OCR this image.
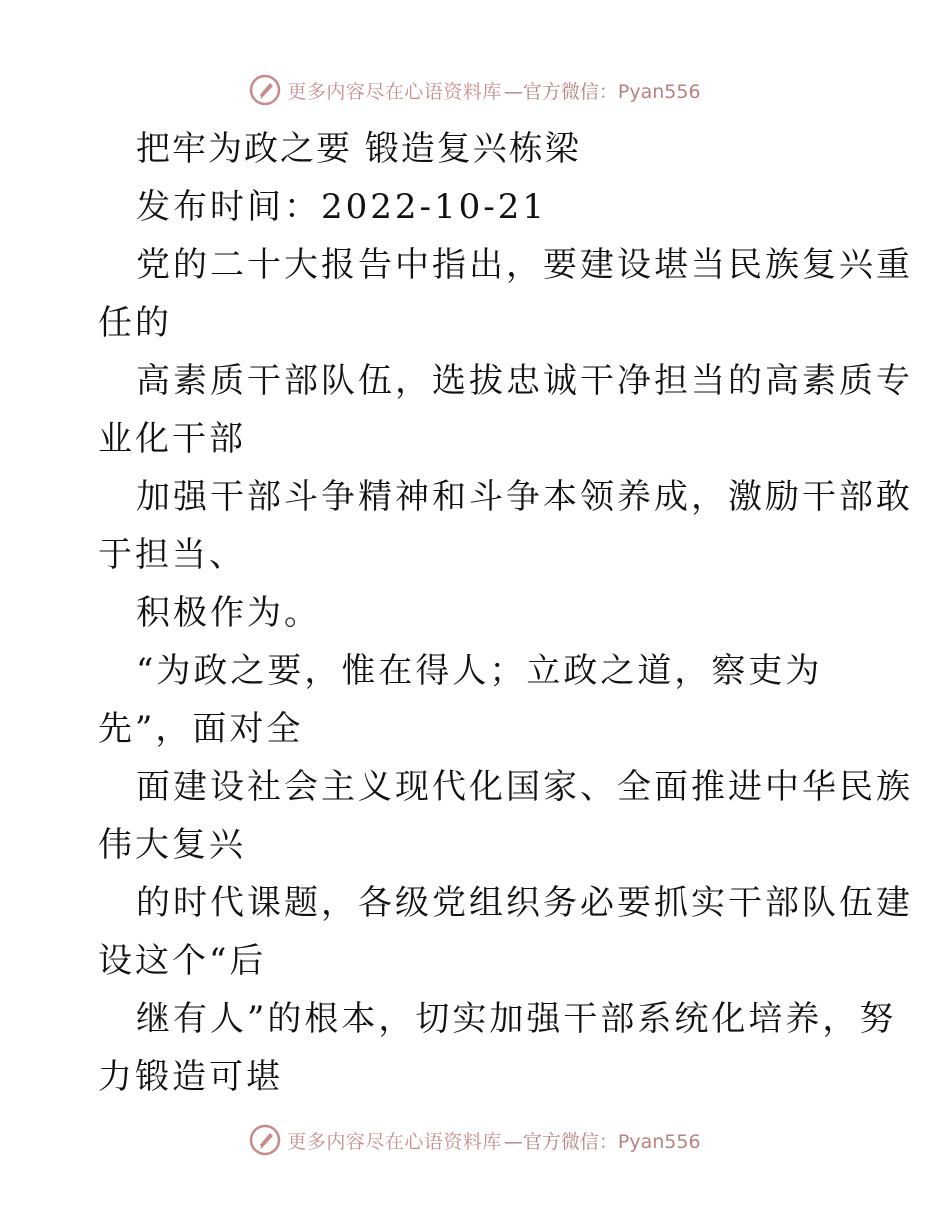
更多内容尽在心语资料库 —官方微信：Pyan556
把牢为政之要 锻造复兴栋梁
发布时间：2022-10-21
党的二十大报告中指出，要建设堪当民族复兴重
任的
高素质干部队伍，选拔忠诚干净担当的高素质专
业化干部
加强干部斗争精神和斗争本领养成，激励干部敢
于担当、
积极作为。
“为政之要，惟在得人；立政之道，察吏为
先”，面对全
面建设社会主义现代化国家、全面推进中华民族
伟大复兴
的时代课题，各级党组织务必要抓实干部队伍建
设这个“后
继有人”的根本，切实加强干部系统化培养，努
力锻造可堪
更多内容尽在心语资料库 —官方微信：Pyan556
